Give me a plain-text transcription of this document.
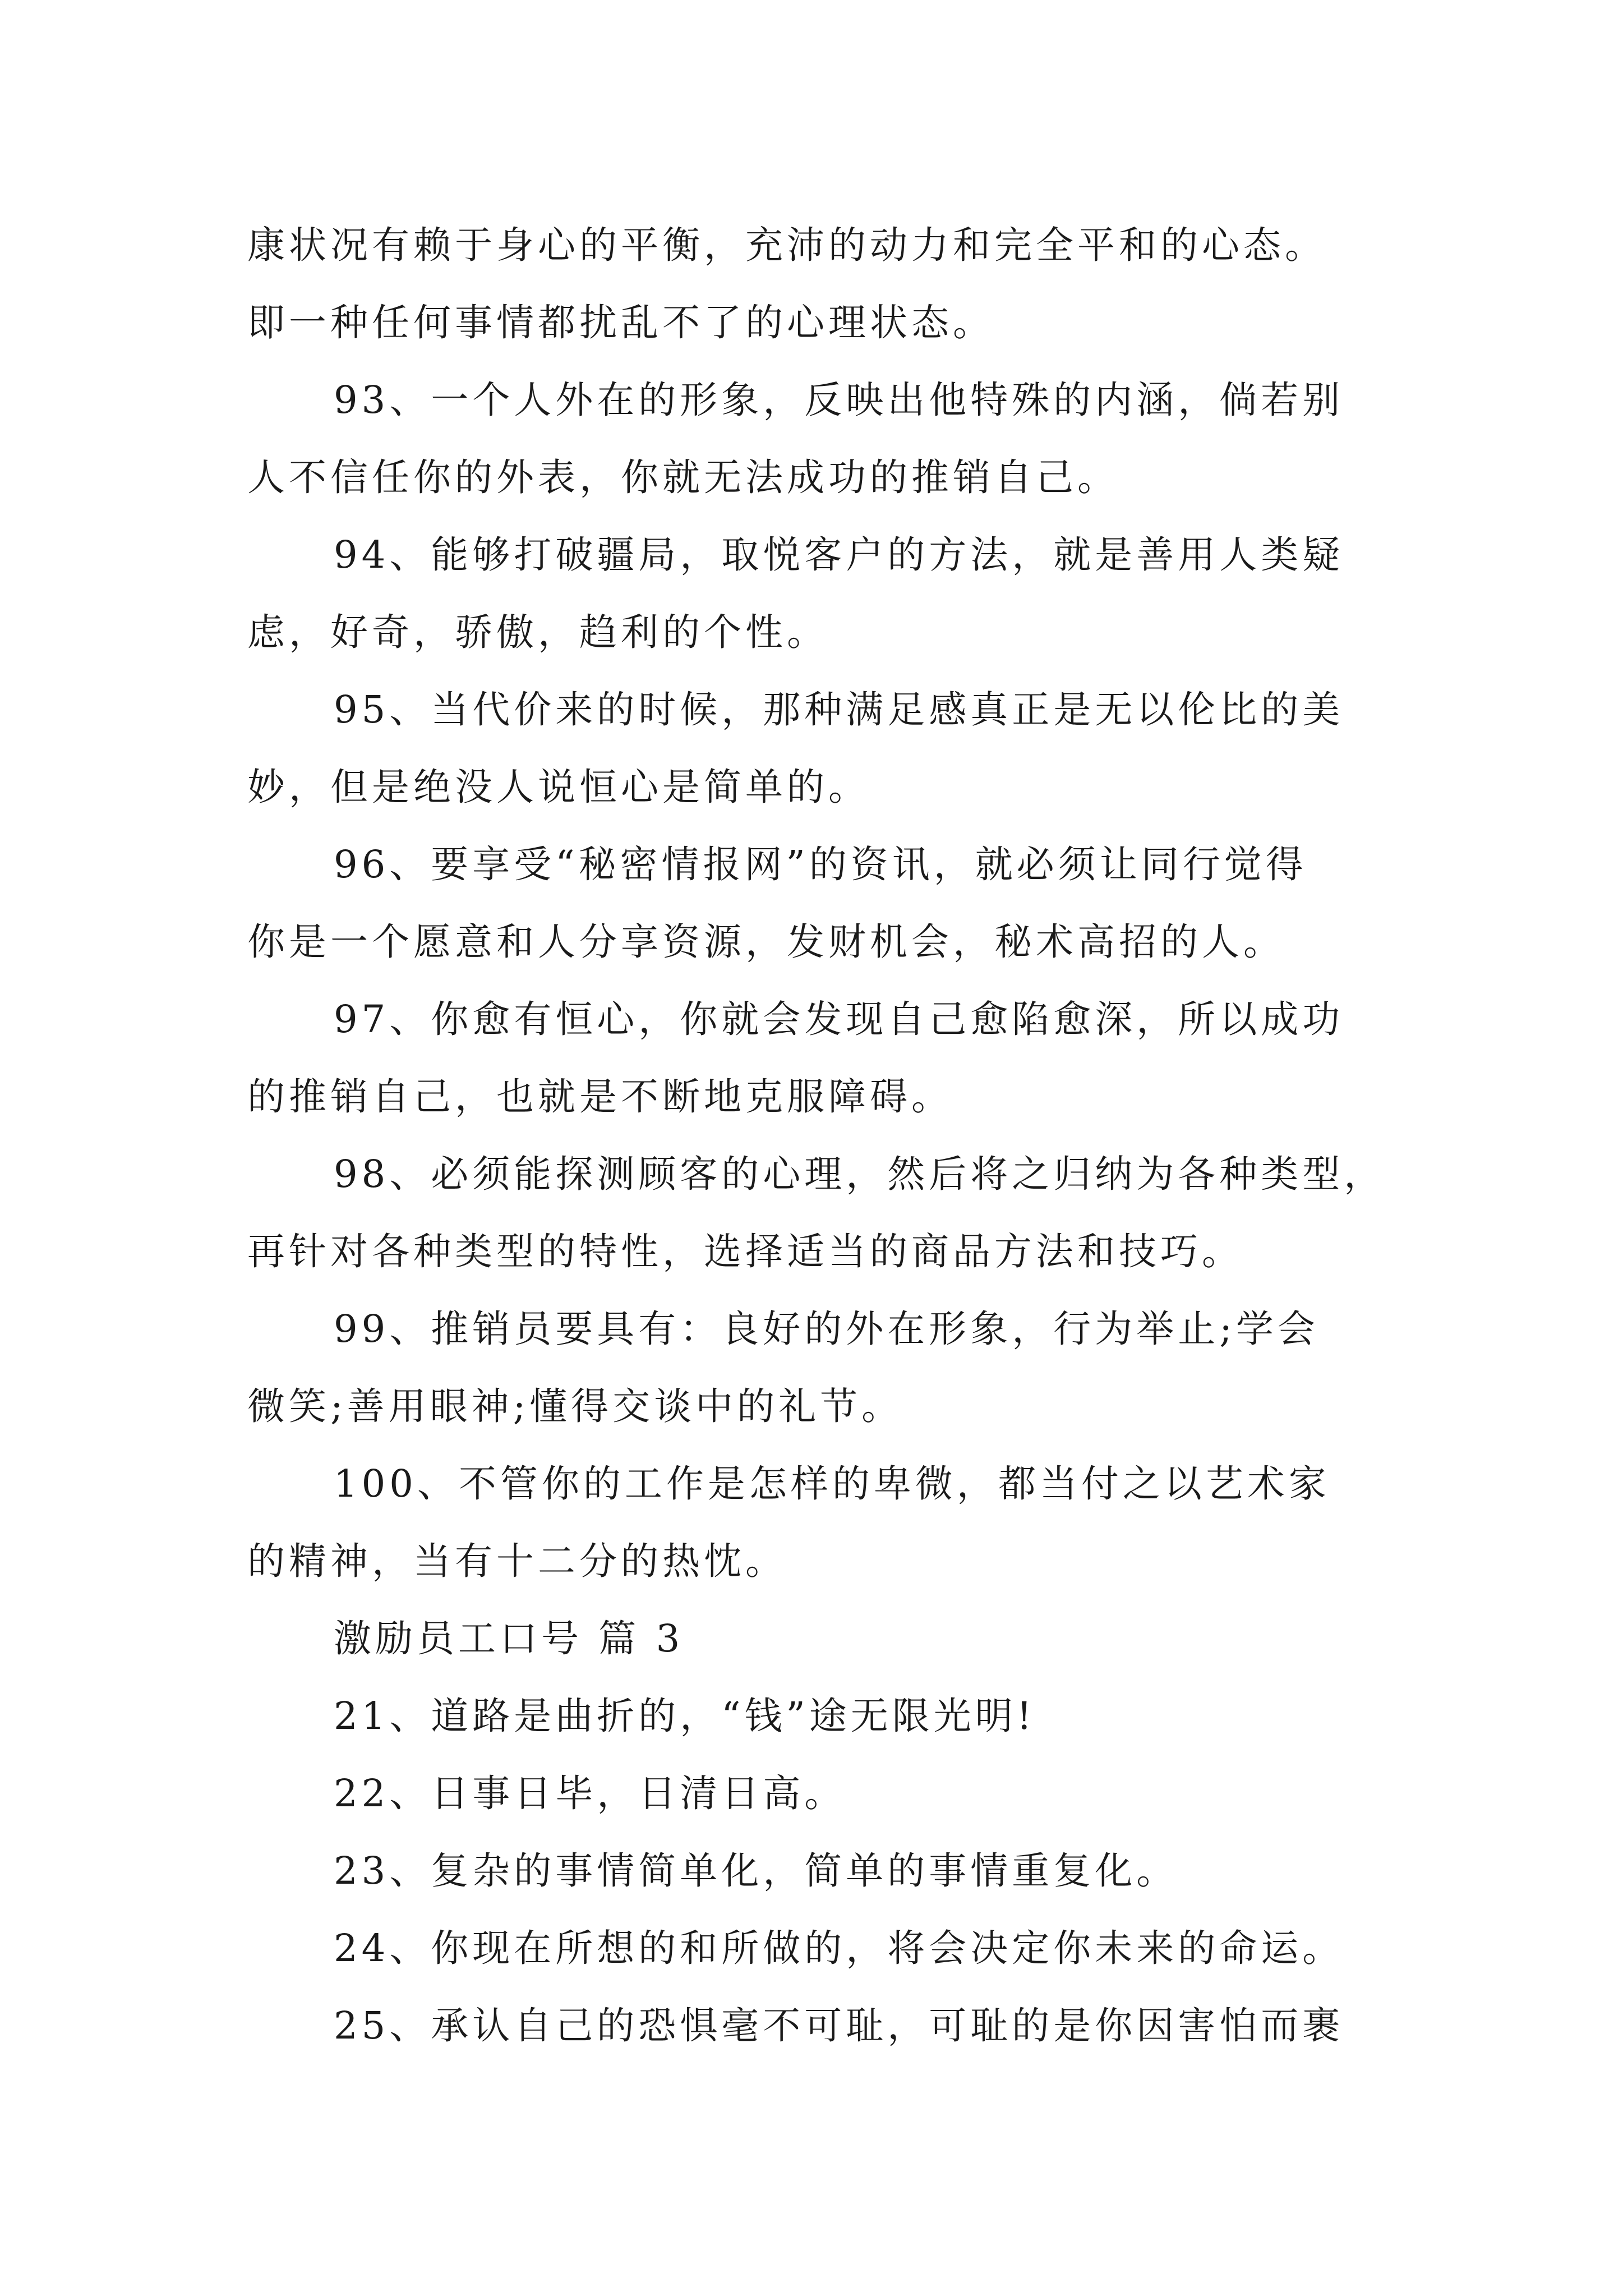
康状况有赖于身心的平衡，充沛的动力和完全平和的心态。
即一种任何事情都扰乱不了的心理状态。
93、一个人外在的形象，反映出他特殊的内涵，倘若别
人不信任你的外表，你就无法成功的推销自己。
94、能够打破疆局，取悦客户的方法，就是善用人类疑
虑，好奇，骄傲，趋利的个性。
95、当代价来的时候，那种满足感真正是无以伦比的美
妙，但是绝没人说恒心是简单的。
96、要享受“秘密情报网”的资讯，就必须让同行觉得
你是一个愿意和人分享资源，发财机会，秘术高招的人。
97、你愈有恒心，你就会发现自己愈陷愈深，所以成功
的推销自己，也就是不断地克服障碍。
98、必须能探测顾客的心理，然后将之归纳为各种类型，
再针对各种类型的特性，选择适当的商品方法和技巧。
99、推销员要具有：良好的外在形象，行为举止;学会
微笑;善用眼神;懂得交谈中的礼节。
100、不管你的工作是怎样的卑微，都当付之以艺术家
的精神，当有十二分的热忱。
激励员工口号 篇 3
21、道路是曲折的，“钱”途无限光明!
22、日事日毕，日清日高。
23、复杂的事情简单化，简单的事情重复化。
24、你现在所想的和所做的，将会决定你未来的命运。
25、承认自己的恐惧毫不可耻，可耻的是你因害怕而裹
